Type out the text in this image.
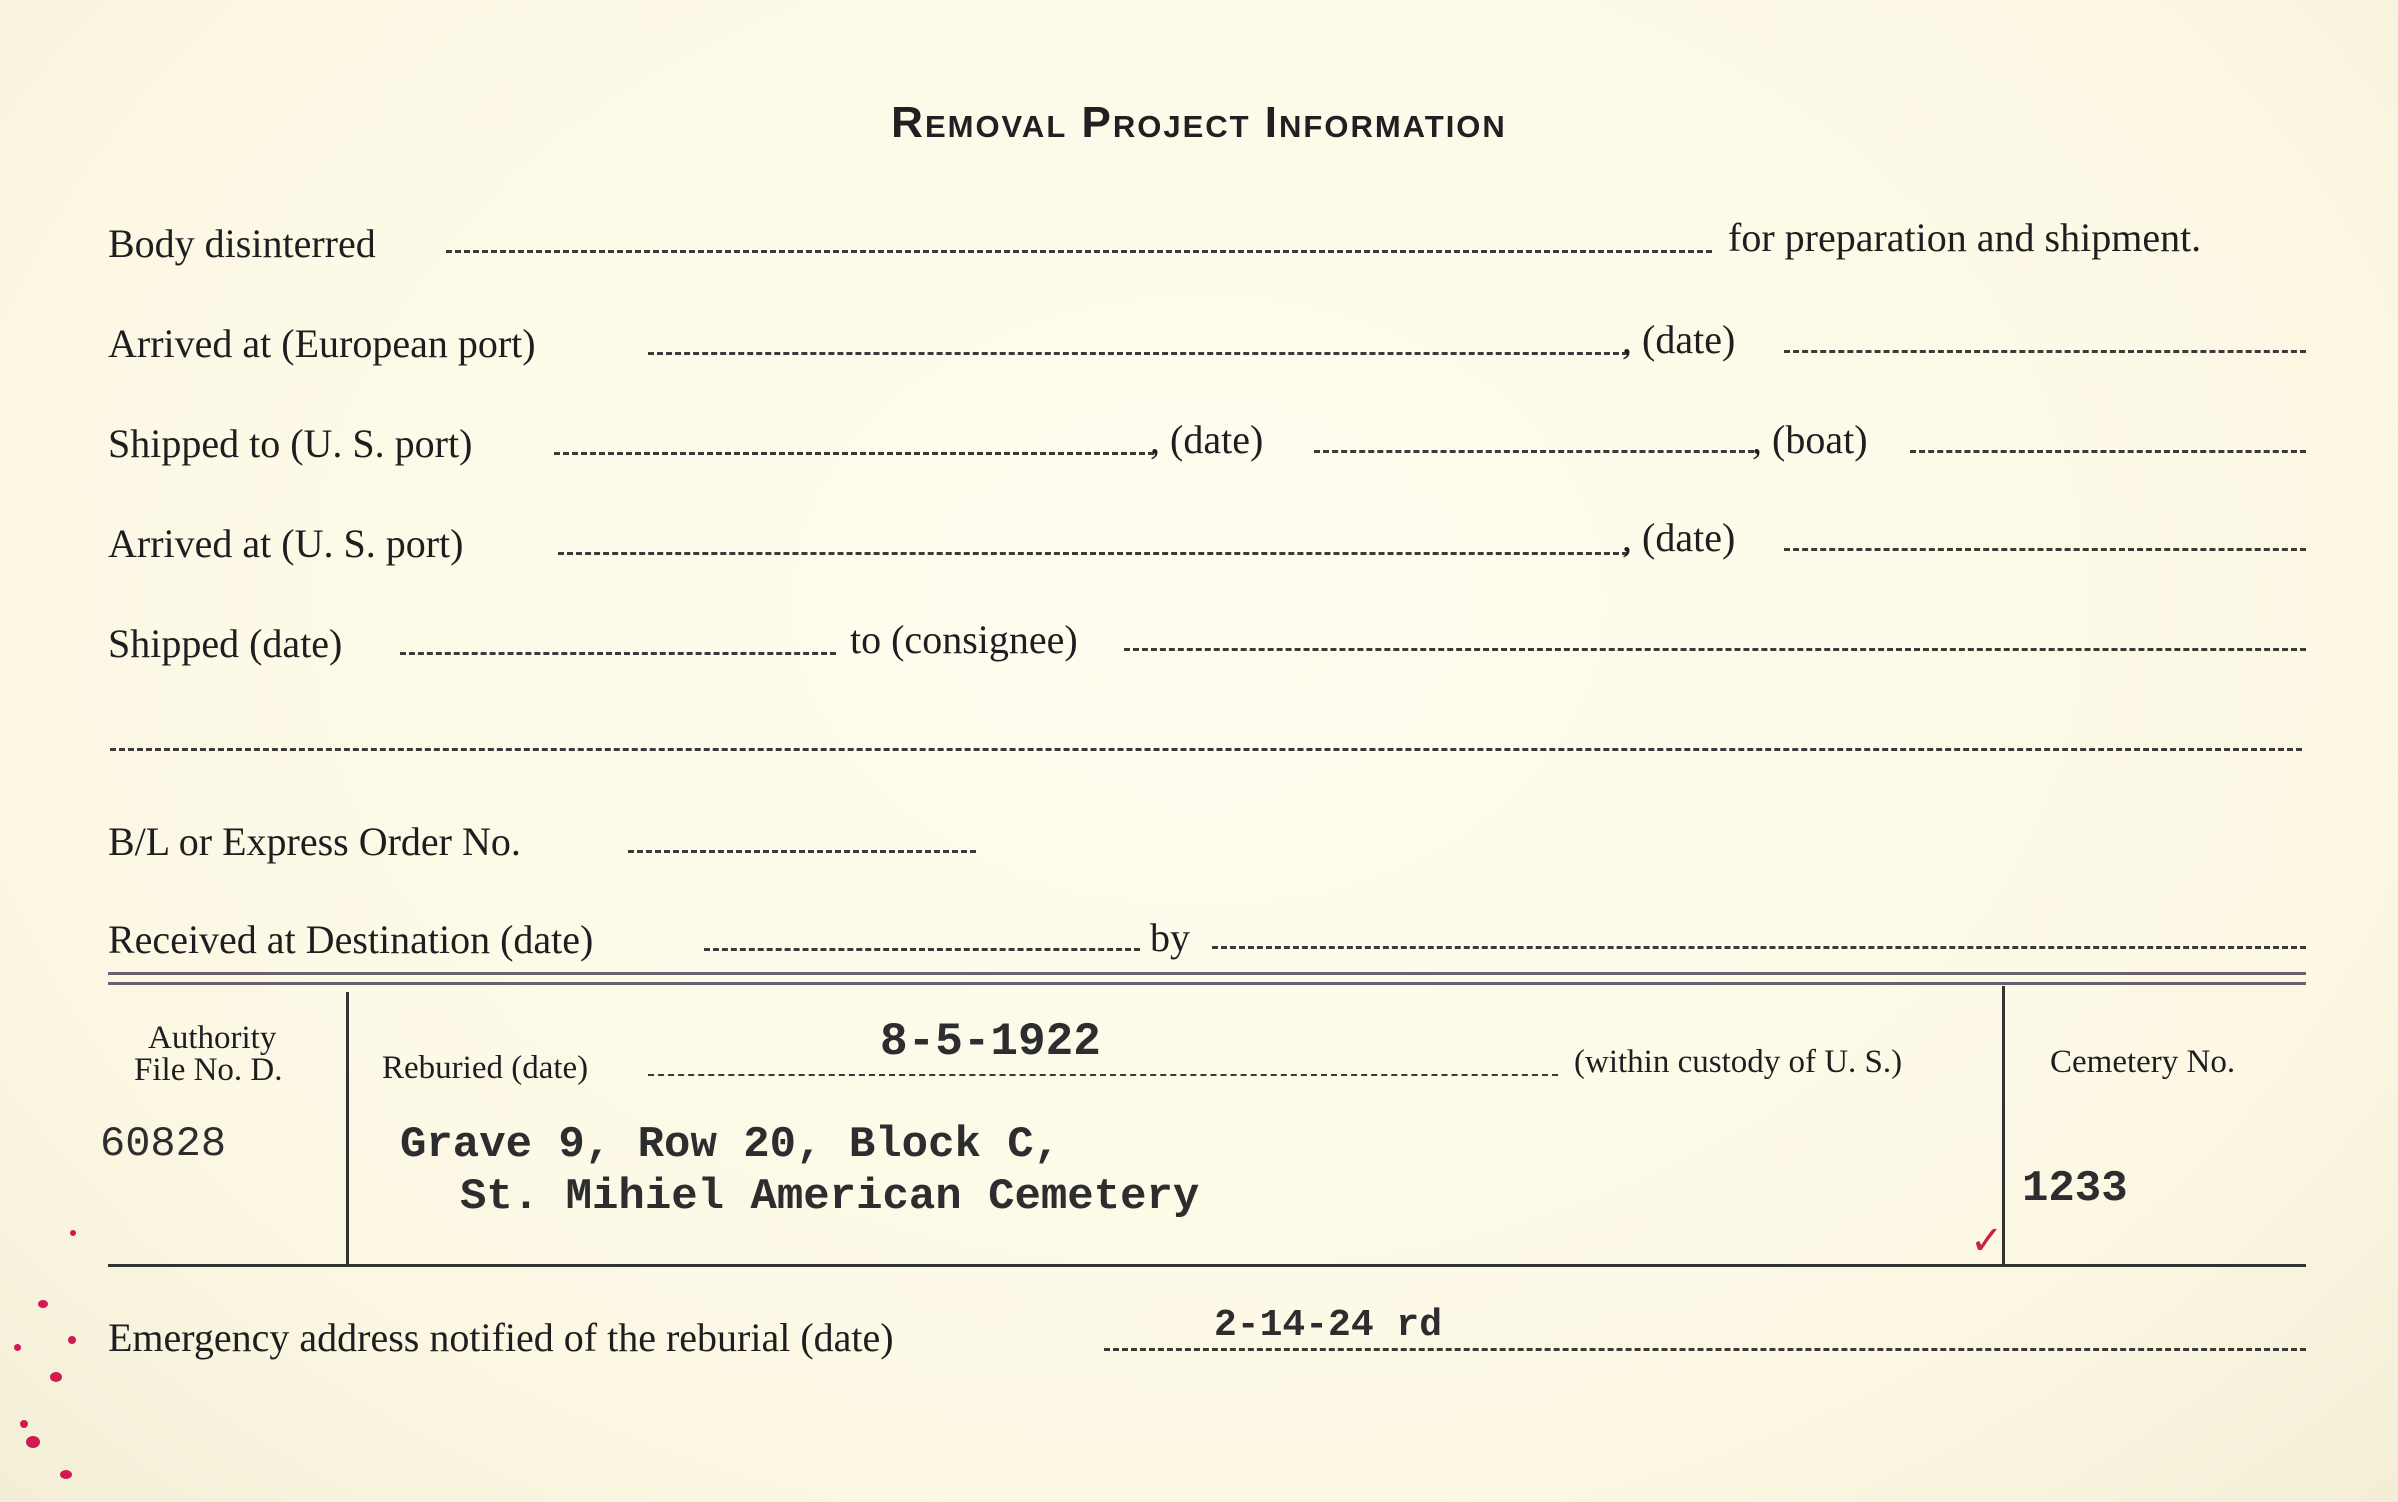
Removal Project Information
Body disinterred	for preparation and shipment.
Arrived at (European port)	, (date)
Shipped to (U. S. port)	, (date)	, (boat)
Arrived at (U. S. port)	, (date)
Shipped (date)	to (consignee)
B/L or Express Order No.
Received at Destination (date)	by
Authority
File No. D.
60828
Reburied (date)	8-5-1922	(within custody of U. S.)
Grave 9, Row 20, Block C,
St. Mihiel American Cemetery
Cemetery No.
1233
✓
Emergency address notified of the reburial (date)	2-14-24 rd
